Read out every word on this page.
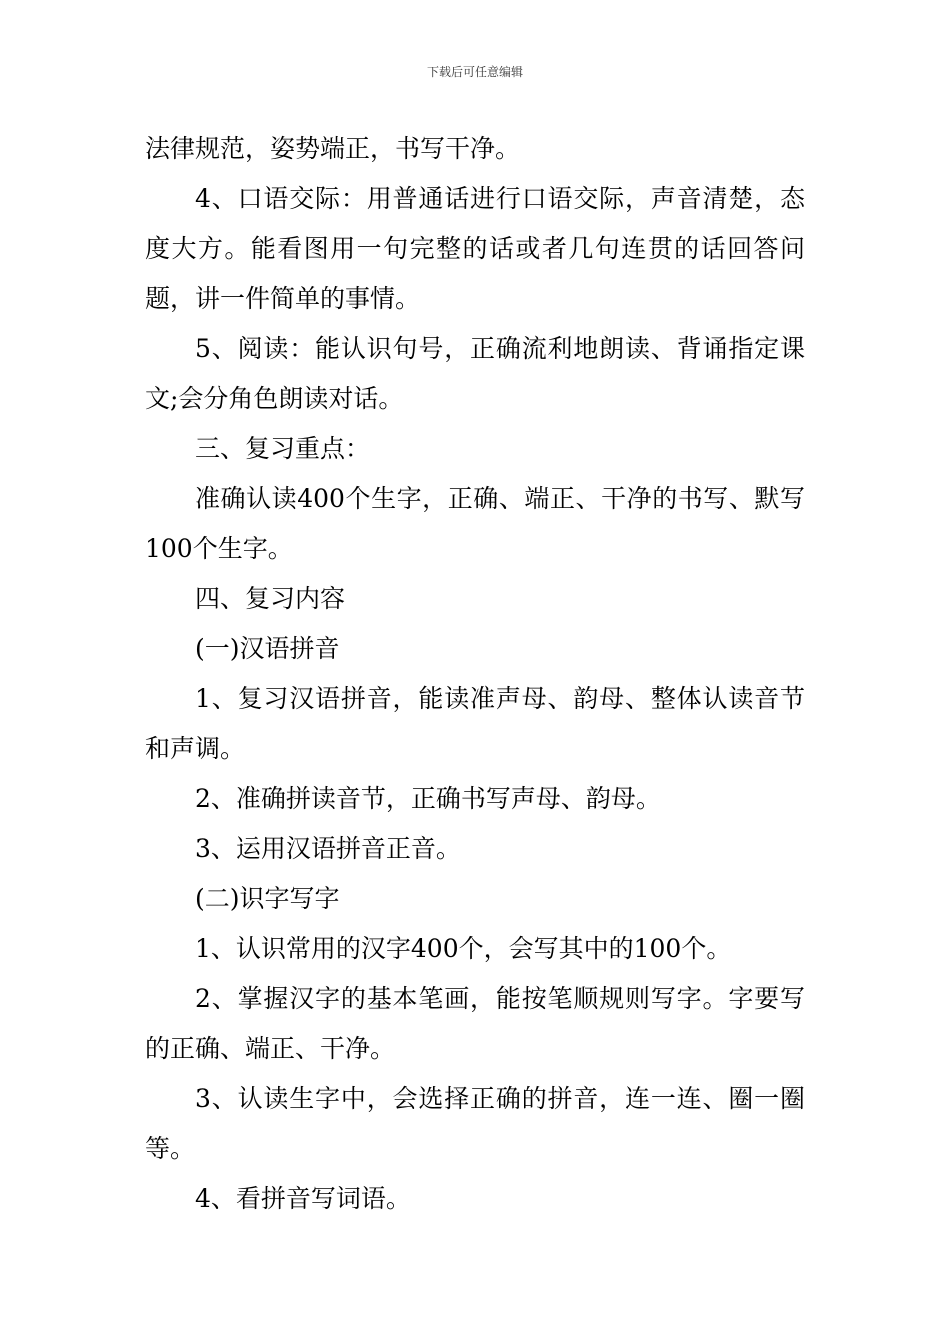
下载后可任意编辑

法律规范，姿势端正，书写干净。

4、口语交际：用普通话进行口语交际，声音清楚，态度大方。能看图用一句完整的话或者几句连贯的话回答问题，讲一件简单的事情。

5、阅读：能认识句号，正确流利地朗读、背诵指定课文;会分角色朗读对话。

三、复习重点：

准确认读400个生字，正确、端正、干净的书写、默写100个生字。

四、复习内容

(一)汉语拼音

1、复习汉语拼音，能读准声母、韵母、整体认读音节和声调。

2、准确拼读音节，正确书写声母、韵母。

3、运用汉语拼音正音。

(二)识字写字

1、认识常用的汉字400个，会写其中的100个。

2、掌握汉字的基本笔画，能按笔顺规则写字。字要写的正确、端正、干净。

3、认读生字中，会选择正确的拼音，连一连、圈一圈等。

4、看拼音写词语。
